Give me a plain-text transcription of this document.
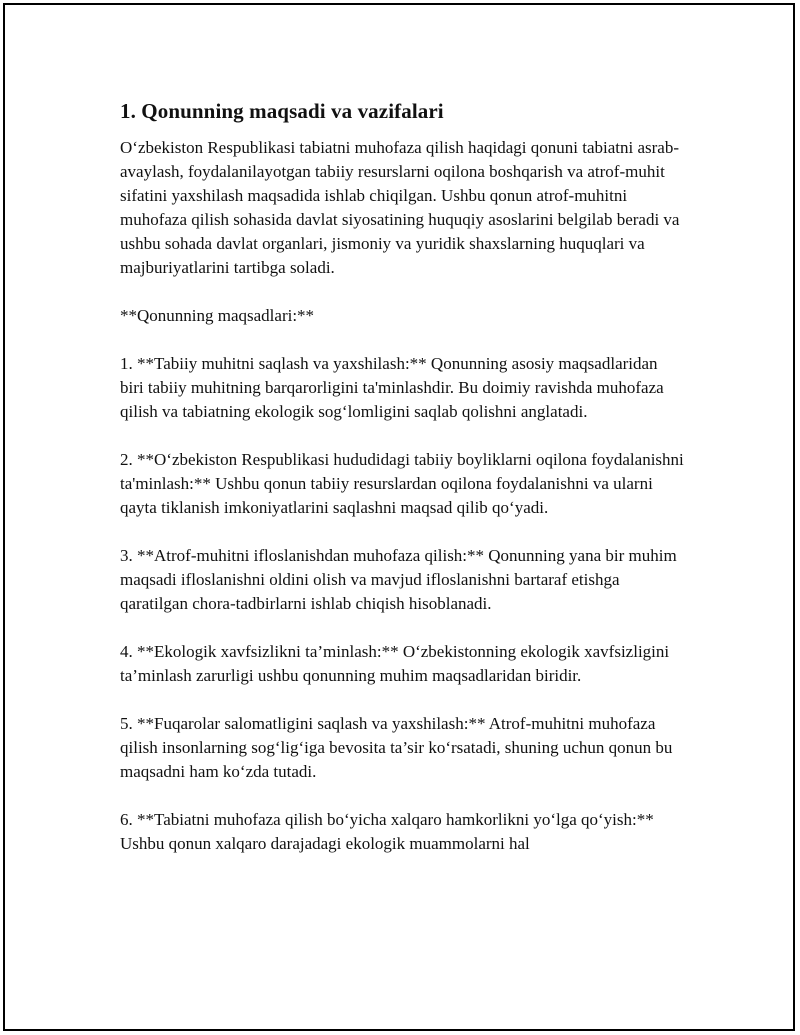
1. Qonunning maqsadi va vazifalari

O‘zbekiston Respublikasi tabiatni muhofaza qilish haqidagi qonuni tabiatni asrab-avaylash, foydalanilayotgan tabiiy resurslarni oqilona boshqarish va atrof-muhit sifatini yaxshilash maqsadida ishlab chiqilgan. Ushbu qonun atrof-muhitni muhofaza qilish sohasida davlat siyosatining huquqiy asoslarini belgilab beradi va ushbu sohada davlat organlari, jismoniy va yuridik shaxslarning huquqlari va majburiyatlarini tartibga soladi.

**Qonunning maqsadlari:**

1. **Tabiiy muhitni saqlash va yaxshilash:** Qonunning asosiy maqsadlaridan biri tabiiy muhitning barqarorligini ta'minlashdir. Bu doimiy ravishda muhofaza qilish va tabiatning ekologik sog‘lomligini saqlab qolishni anglatadi.

2. **O‘zbekiston Respublikasi hududidagi tabiiy boyliklarni oqilona foydalanishni ta'minlash:** Ushbu qonun tabiiy resurslardan oqilona foydalanishni va ularni qayta tiklanish imkoniyatlarini saqlashni maqsad qilib qo‘yadi.

3. **Atrof-muhitni ifloslanishdan muhofaza qilish:** Qonunning yana bir muhim maqsadi ifloslanishni oldini olish va mavjud ifloslanishni bartaraf etishga qaratilgan chora-tadbirlarni ishlab chiqish hisoblanadi.

4. **Ekologik xavfsizlikni ta’minlash:** O‘zbekistonning ekologik xavfsizligini ta’minlash zarurligi ushbu qonunning muhim maqsadlaridan biridir.

5. **Fuqarolar salomatligini saqlash va yaxshilash:** Atrof-muhitni muhofaza qilish insonlarning sog‘lig‘iga bevosita ta’sir ko‘rsatadi, shuning uchun qonun bu maqsadni ham ko‘zda tutadi.

6. **Tabiatni muhofaza qilish bo‘yicha xalqaro hamkorlikni yo‘lga qo‘yish:** Ushbu qonun xalqaro darajadagi ekologik muammolarni hal
